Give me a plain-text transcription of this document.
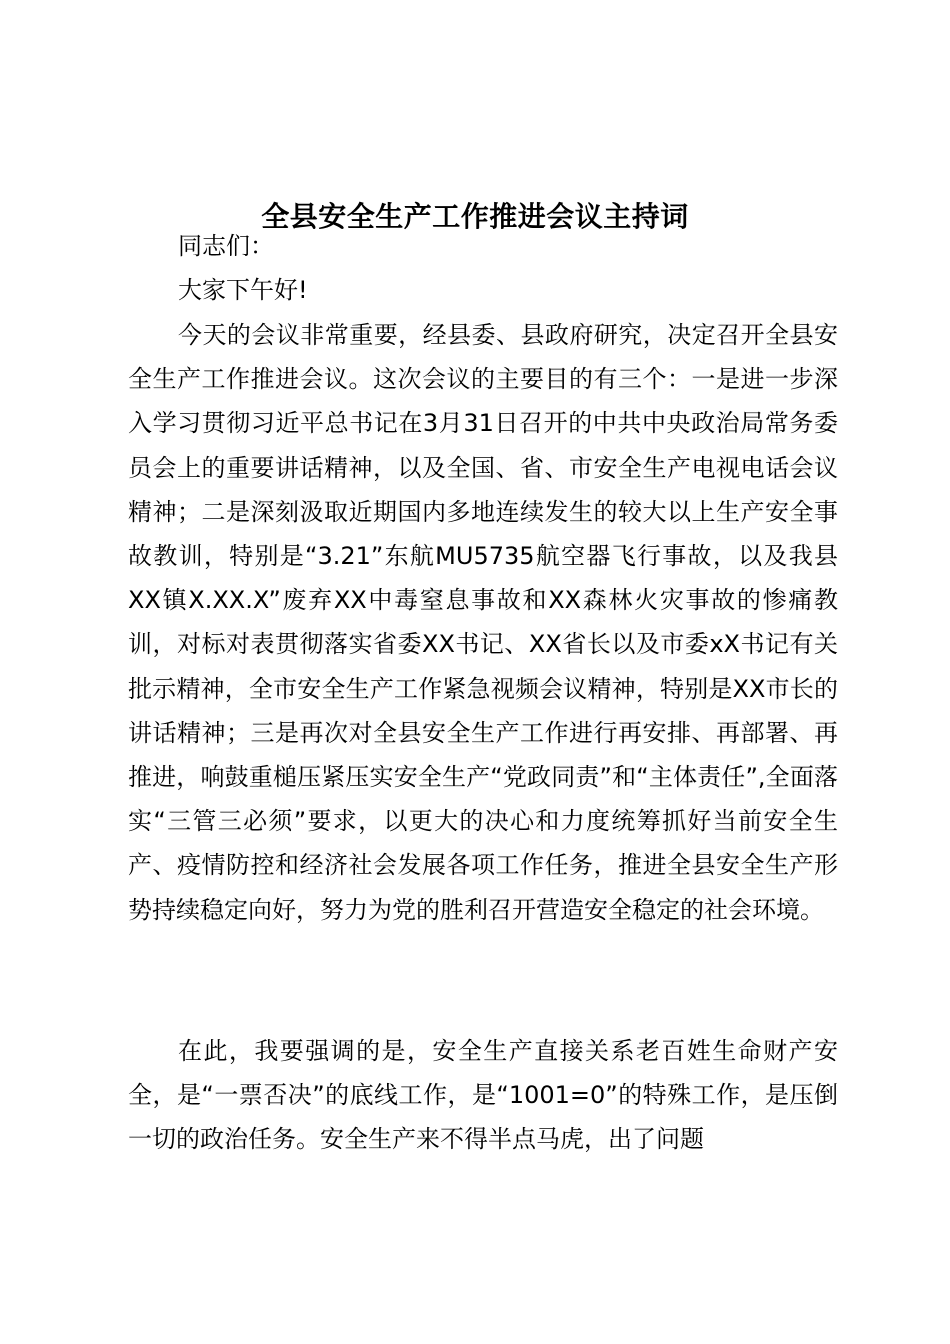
全县安全生产工作推进会议主持词

同志们：

大家下午好!

今天的会议非常重要，经县委、县政府研究，决定召开全县安全生产工作推进会议。这次会议的主要目的有三个：一是进一步深入学习贯彻习近平总书记在3月31日召开的中共中央政治局常务委员会上的重要讲话精神，以及全国、省、市安全生产电视电话会议精神；二是深刻汲取近期国内多地连续发生的较大以上生产安全事故教训，特别是“3.21”东航MU5735航空器飞行事故，以及我县XX镇X.XX.X”废弃XX中毒窒息事故和XX森林火灾事故的惨痛教训，对标对表贯彻落实省委XX书记、XX省长以及市委xX书记有关批示精神，全市安全生产工作紧急视频会议精神，特别是XX市长的讲话精神；三是再次对全县安全生产工作进行再安排、再部署、再推进，响鼓重槌压紧压实安全生产“党政同责”和“主体责任”,全面落实“三管三必须”要求，以更大的决心和力度统筹抓好当前安全生产、疫情防控和经济社会发展各项工作任务，推进全县安全生产形势持续稳定向好，努力为党的胜利召开营造安全稳定的社会环境。

在此，我要强调的是，安全生产直接关系老百姓生命财产安全，是“一票否决”的底线工作，是“1001=0”的特殊工作，是压倒一切的政治任务。安全生产来不得半点马虎，出了问题
